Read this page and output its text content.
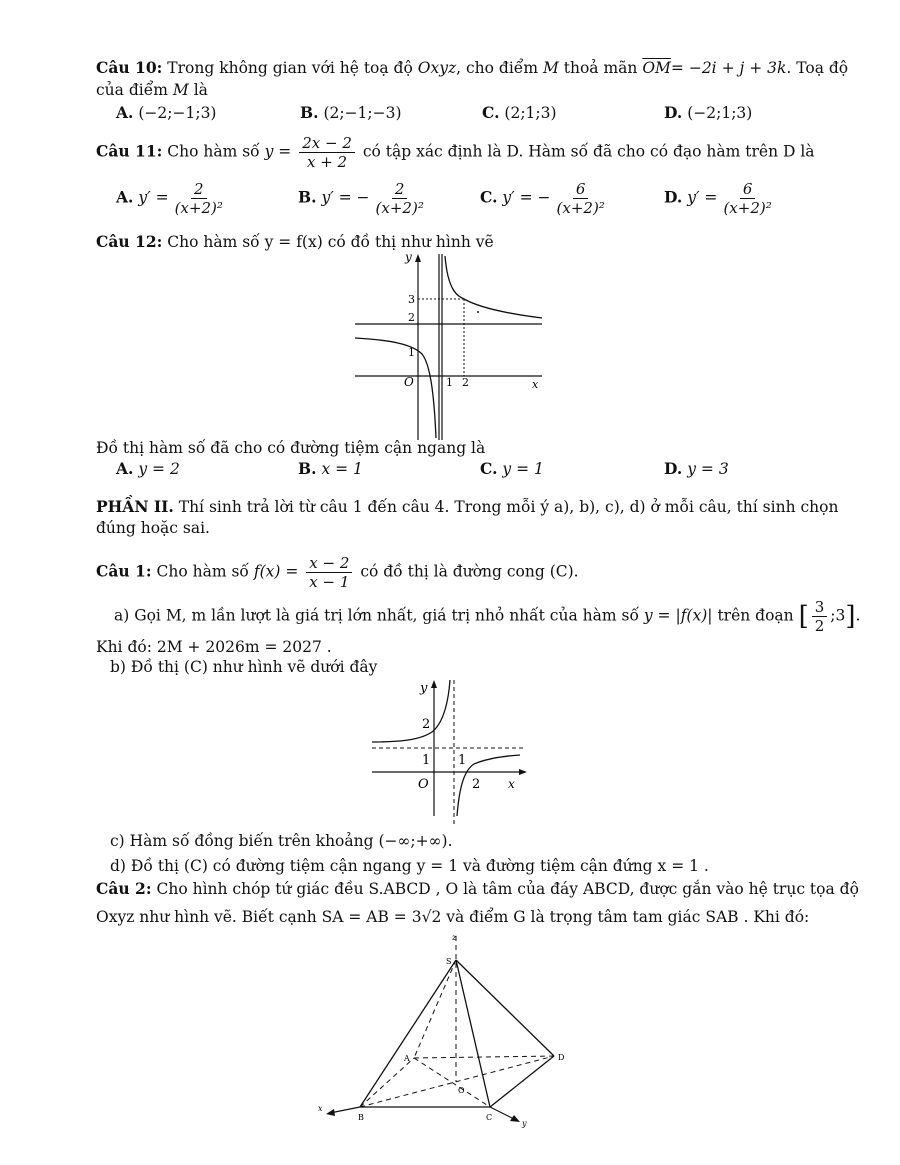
Câu 10: Trong không gian với hệ toạ độ Oxyz, cho điểm M thoả mãn $\overline{OM}= -2i + j + 3k$. Toạ độ
của điểm M là
A. (−2;−1;3)	B. (2;−1;−3)	C. (2;1;3)	D. (−2;1;3)
Câu 11: Cho hàm số $y = \frac{2x - 2}{x + 2}$ có tập xác định là D. Hàm số đã cho có đạo hàm trên D là
A. $y' = \frac{2}{\text{(x+2)²}}$	B. y′ = − $\frac{2}{\text{(x+2)²}}$	C. y′ = − $\frac{6}{\text{(x+2)²}}$	D. $y' = \frac{6}{\text{(x+2)²}}$
Câu 12: Cho hàm số y = f(x) có đồ thị như hình vẽ
y
x
O
1
2
3
1 2
Đồ thị hàm số đã cho có đường tiệm cận ngang là
A. y = 2	B. x = 1	C. y = 1	D. y = 3
PHẦN II. Thí sinh trả lời từ câu 1 đến câu 4. Trong mỗi ý a), b), c), d) ở mỗi câu, thí sinh chọn
đúng hoặc sai.
Câu 1: Cho hàm số $f(x) = \frac{x - 2}{x - 1}$ có đồ thị là đường cong (C).
a) Gọi M, m lần lượt là giá trị lớn nhất, giá trị nhỏ nhất của hàm số y = |f(x)| trên đoạn [ $\frac{3}{2}$ ;3].
Khi đó: 2M + 2026m = 2027 .
b) Đồ thị (C) như hình vẽ dưới đây
y
x
O
2
1 1
2
c) Hàm số đồng biến trên khoảng (−∞;+∞).
d) Đồ thị (C) có đường tiệm cận ngang y = 1 và đường tiệm cận đứng x = 1 .
Câu 2: Cho hình chóp tứ giác đều S.ABCD , O là tâm của đáy ABCD, được gắn vào hệ trục tọa độ
Oxyz như hình vẽ. Biết cạnh SA = AB = 3√2 và điểm G là trọng tâm tam giác SAB . Khi đó:
z
S
A
B	C
D
O
x
y
